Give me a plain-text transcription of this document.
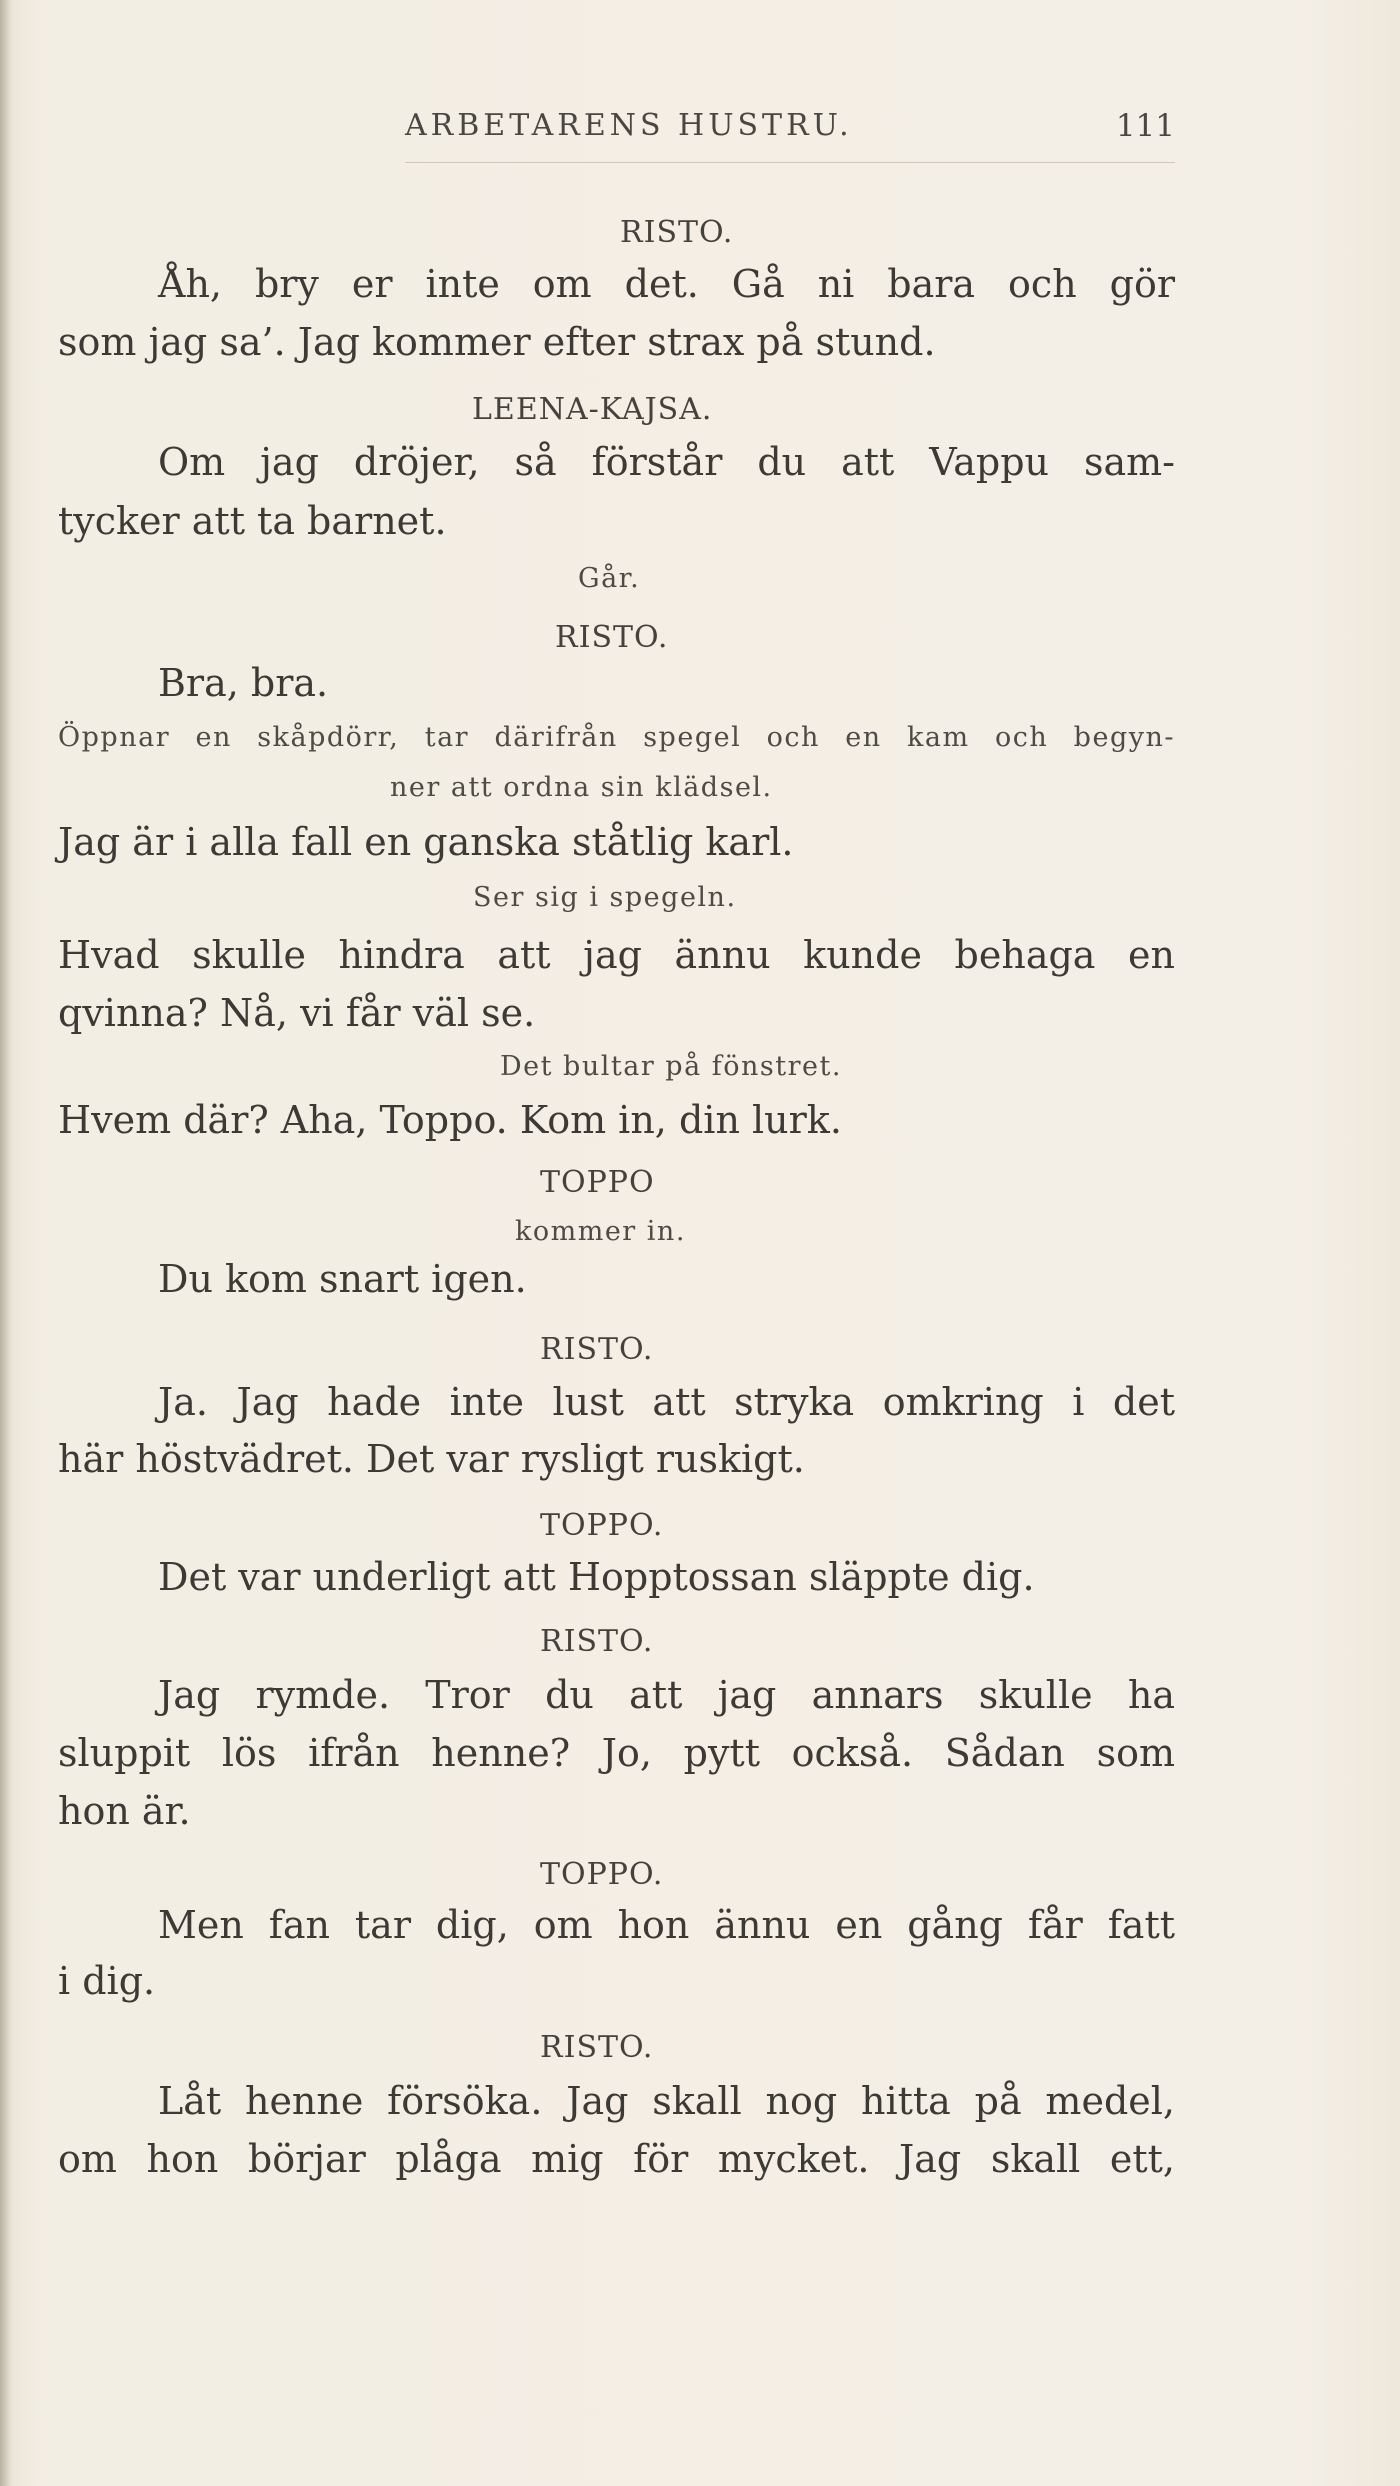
ARBETARENS HUSTRU.	111
RISTO.
Åh, bry er inte om det. Gå ni bara och gör
som jag sa’. Jag kommer efter strax på stund.
LEENA-KAJSA.
Om jag dröjer, så förstår du att Vappu sam-
tycker att ta barnet.
Går.
RISTO.
Bra, bra.
Öppnar en skåpdörr, tar därifrån spegel och en kam och begyn-
ner att ordna sin klädsel.
Jag är i alla fall en ganska ståtlig karl.
Ser sig i spegeln.
Hvad skulle hindra att jag ännu kunde behaga en
qvinna? Nå, vi får väl se.
Det bultar på fönstret.
Hvem där? Aha, Toppo. Kom in, din lurk.
TOPPO
kommer in.
Du kom snart igen.
RISTO.
Ja. Jag hade inte lust att stryka omkring i det
här höstvädret. Det var rysligt ruskigt.
TOPPO.
Det var underligt att Hopptossan släppte dig.
RISTO.
Jag rymde. Tror du att jag annars skulle ha
sluppit lös ifrån henne? Jo, pytt också. Sådan som
hon är.
TOPPO.
Men fan tar dig, om hon ännu en gång får fatt
i dig.
RISTO.
Låt henne försöka. Jag skall nog hitta på medel,
om hon börjar plåga mig för mycket. Jag skall ett,
